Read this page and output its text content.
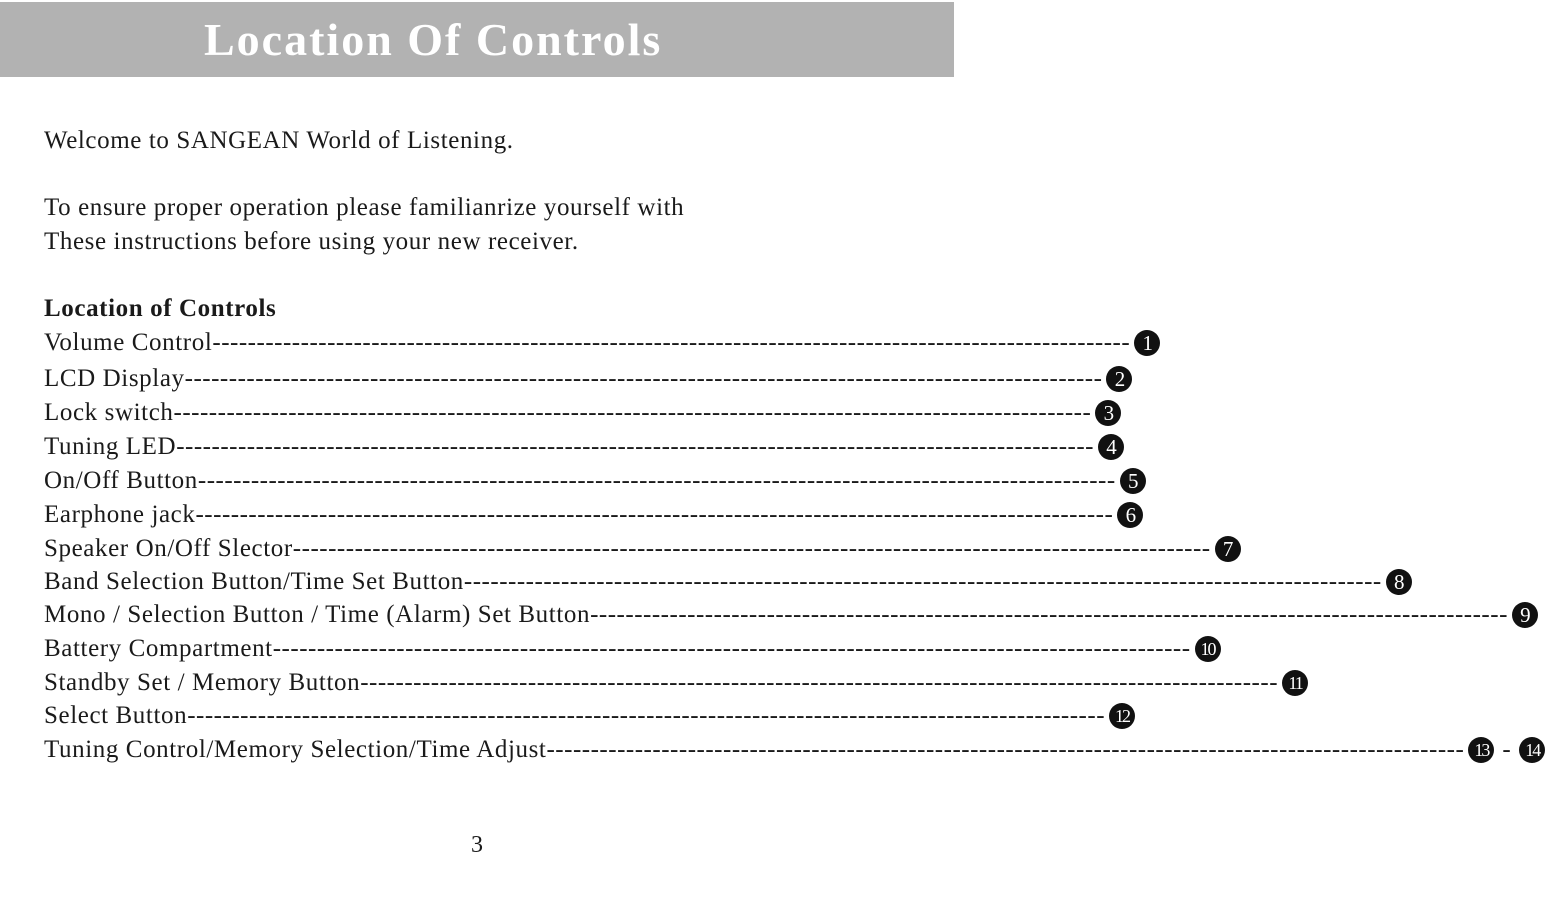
Location Of Controls
Welcome to SANGEAN World of Listening.
To ensure proper operation please familianrize yourself with
These instructions before using your new receiver.
Location of Controls
Volume Control -------------------------------------------------------------------------------------------------------- 1
LCD Display -------------------------------------------------------------------------------------------------------- 2
Lock switch -------------------------------------------------------------------------------------------------------- 3
Tuning LED -------------------------------------------------------------------------------------------------------- 4
On/Off Button -------------------------------------------------------------------------------------------------------- 5
Earphone jack -------------------------------------------------------------------------------------------------------- 6
Speaker On/Off Slector -------------------------------------------------------------------------------------------------------- 7
Band Selection Button/Time Set Button -------------------------------------------------------------------------------------------------------- 8
Mono / Selection Button / Time (Alarm) Set Button -------------------------------------------------------------------------------------------------------- 9
Battery Compartment -------------------------------------------------------------------------------------------------------- 10
Standby Set / Memory Button -------------------------------------------------------------------------------------------------------- 11
Select Button -------------------------------------------------------------------------------------------------------- 12
Tuning Control/Memory Selection/Time Adjust -------------------------------------------------------------------------------------------------------- 13 - 14
3
